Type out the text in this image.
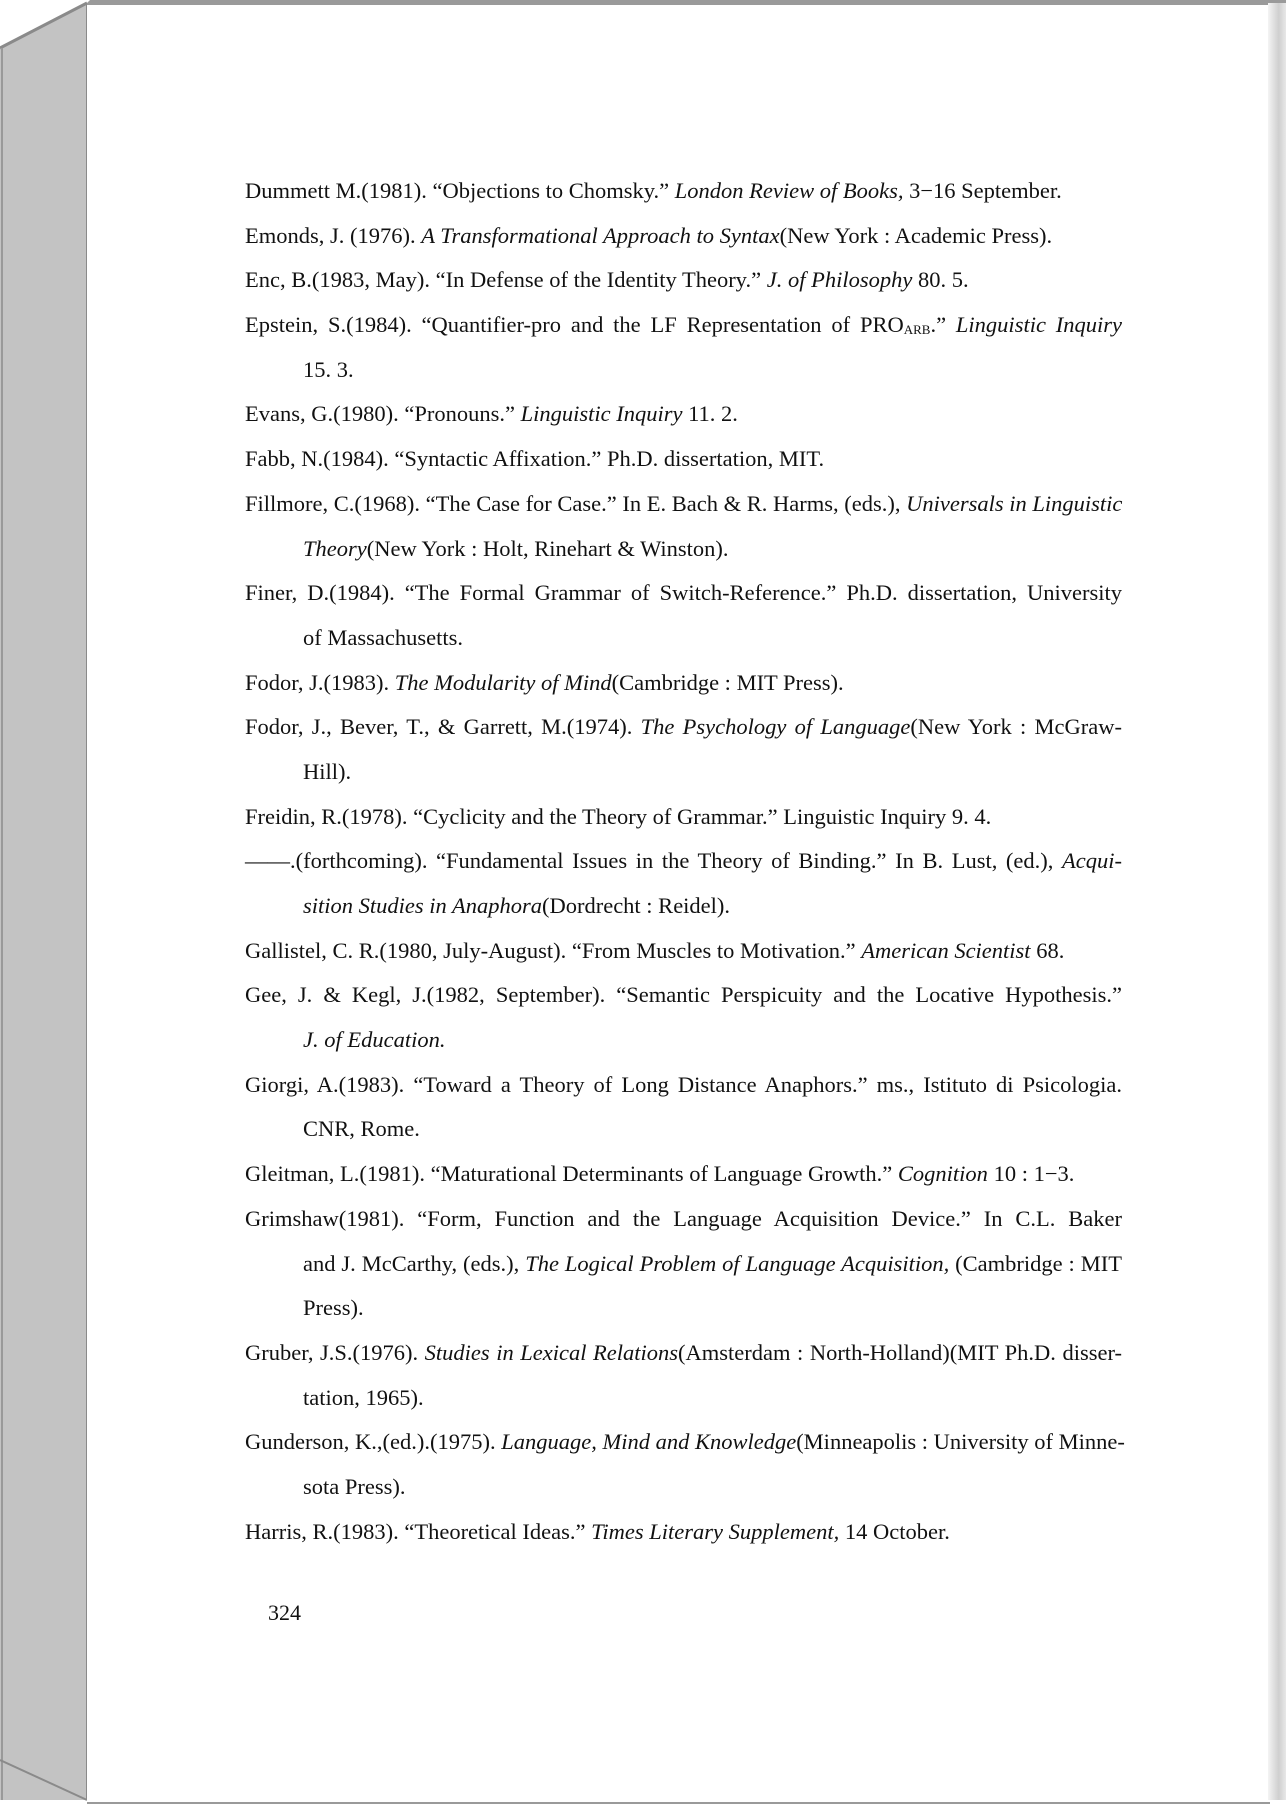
Dummett M.(1981). “Objections to Chomsky.” London Review of Books, 3−16 September.
Emonds, J. (1976). A Transformational Approach to Syntax(New York : Academic Press).
Enc, B.(1983, May). “In Defense of the Identity Theory.” J. of Philosophy 80. 5.
Epstein, S.(1984). “Quantifier-pro and the LF Representation of $PRO_{ARB}$.” Linguistic Inquiry
15. 3.
Evans, G.(1980). “Pronouns.” Linguistic Inquiry 11. 2.
Fabb, N.(1984). “Syntactic Affixation.” Ph.D. dissertation, MIT.
Fillmore, C.(1968). “The Case for Case.” In E. Bach & R. Harms, (eds.), Universals in Linguistic
Theory(New York : Holt, Rinehart & Winston).
Finer, D.(1984). “The Formal Grammar of Switch-Reference.” Ph.D. dissertation, University
of Massachusetts.
Fodor, J.(1983). The Modularity of Mind(Cambridge : MIT Press).
Fodor, J., Bever, T., & Garrett, M.(1974). The Psychology of Language(New York : McGraw-
Hill).
Freidin, R.(1978). “Cyclicity and the Theory of Grammar.” Linguistic Inquiry 9. 4.
——.(forthcoming). “Fundamental Issues in the Theory of Binding.” In B. Lust, (ed.), Acqui-
sition Studies in Anaphora(Dordrecht : Reidel).
Gallistel, C. R.(1980, July-August). “From Muscles to Motivation.” American Scientist 68.
Gee, J. & Kegl, J.(1982, September). “Semantic Perspicuity and the Locative Hypothesis.”
J. of Education.
Giorgi, A.(1983). “Toward a Theory of Long Distance Anaphors.” ms., Istituto di Psicologia.
CNR, Rome.
Gleitman, L.(1981). “Maturational Determinants of Language Growth.” Cognition 10 : 1−3.
Grimshaw(1981). “Form, Function and the Language Acquisition Device.” In C.L. Baker
and J. McCarthy, (eds.), The Logical Problem of Language Acquisition, (Cambridge : MIT
Press).
Gruber, J.S.(1976). Studies in Lexical Relations(Amsterdam : North-Holland)(MIT Ph.D. disser-
tation, 1965).
Gunderson, K.,(ed.).(1975). Language, Mind and Knowledge(Minneapolis : University of Minne-
sota Press).
Harris, R.(1983). “Theoretical Ideas.” Times Literary Supplement, 14 October.
324
